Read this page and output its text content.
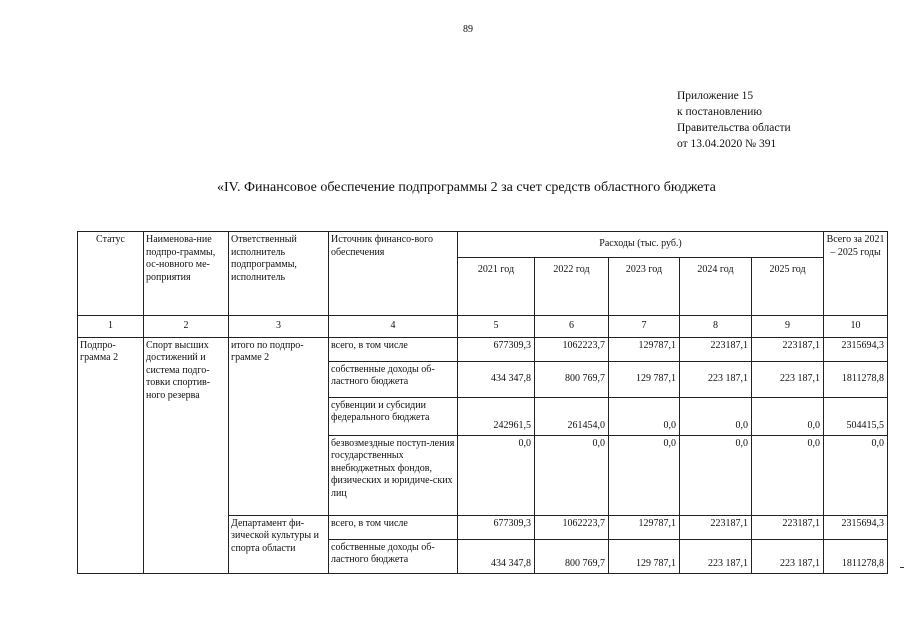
89
Приложение 15
к постановлению
Правительства области
от 13.04.2020 № 391
«IV. Финансовое обеспечение подпрограммы 2 за счет средств областного бюджета
Статус	Наименова-ние подпро-граммы, ос-новного ме-роприятия	Ответственный исполнитель подпрограммы, исполнитель	Источник финансо-вого обеспечения	Расходы (тыс. руб.)					Всего за 2021 – 2025 годы
				2021 год	2022 год	2023 год	2024 год	2025 год	
1	2	3	4	5	6	7	8	9	10
Подпро-грамма 2	Спорт высших достижений и система подго-товки спортив-ного резерва	итого по подпро-грамме 2	всего, в том числе	677309,3	1062223,7	129787,1	223187,1	223187,1	2315694,3
			собственные доходы об-ластного бюджета	434 347,8	800 769,7	129 787,1	223 187,1	223 187,1	1811278,8
			субвенции и субсидии федерального бюджета	242961,5	261454,0	0,0	0,0	0,0	504415,5
			безвозмездные поступ-ления государственных внебюджетных фондов, физических и юридиче-ских лиц	0,0	0,0	0,0	0,0	0,0	0,0
		Департамент фи-зической культуры и спорта области	всего, в том числе	677309,3	1062223,7	129787,1	223187,1	223187,1	2315694,3
			собственные доходы об-ластного бюджета	434 347,8	800 769,7	129 787,1	223 187,1	223 187,1	1811278,8
